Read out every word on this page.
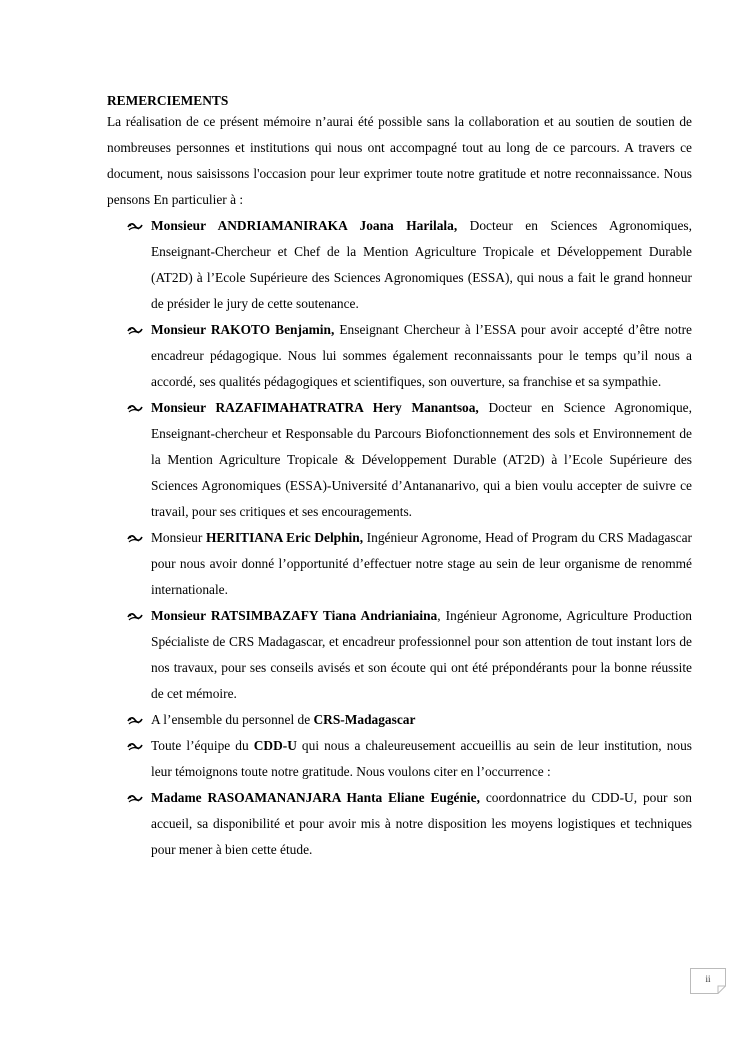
REMERCIEMENTS

La réalisation de ce présent mémoire n’aurai été possible sans la collaboration et au soutien de soutien de nombreuses personnes et institutions qui nous ont accompagné tout au long de ce parcours. A travers ce document, nous saisissons l'occasion pour leur exprimer toute notre gratitude et notre reconnaissance. Nous pensons En particulier à :

Monsieur ANDRIAMANIRAKA Joana Harilala, Docteur en Sciences Agronomiques, Enseignant-Chercheur et Chef de la Mention Agriculture Tropicale et Développement Durable (AT2D) à l’Ecole Supérieure des Sciences Agronomiques (ESSA), qui nous a fait le grand honneur de présider le jury de cette soutenance.
Monsieur RAKOTO Benjamin, Enseignant Chercheur à l’ESSA pour avoir accepté d’être notre encadreur pédagogique. Nous lui sommes également reconnaissants pour le temps qu’il nous a accordé, ses qualités pédagogiques et scientifiques, son ouverture, sa franchise et sa sympathie.
Monsieur RAZAFIMAHATRATRA Hery Manantsoa, Docteur en Science Agronomique, Enseignant-chercheur et Responsable du Parcours Biofonctionnement des sols et Environnement de la Mention Agriculture Tropicale & Développement Durable (AT2D) à l’Ecole Supérieure des Sciences Agronomiques (ESSA)-Université d’Antananarivo, qui a bien voulu accepter de suivre ce travail, pour ses critiques et ses encouragements.
Monsieur HERITIANA Eric Delphin, Ingénieur Agronome, Head of Program du CRS Madagascar pour nous avoir donné l’opportunité d’effectuer notre stage au sein de leur organisme de renommé internationale.
Monsieur RATSIMBAZAFY Tiana Andrianiaina, Ingénieur Agronome, Agriculture Production Spécialiste de CRS Madagascar, et encadreur professionnel pour son attention de tout instant lors de nos travaux, pour ses conseils avisés et son écoute qui ont été prépondérants pour la bonne réussite de cet mémoire.
A l’ensemble du personnel de CRS-Madagascar
Toute l’équipe du CDD-U qui nous a chaleureusement accueillis au sein de leur institution, nous leur témoignons toute notre gratitude. Nous voulons citer en l’occurrence :
Madame RASOAMANANJARA Hanta Eliane Eugénie, coordonnatrice du CDD-U, pour son accueil, sa disponibilité et pour avoir mis à notre disposition les moyens logistiques et techniques pour mener à bien cette étude.
ii
